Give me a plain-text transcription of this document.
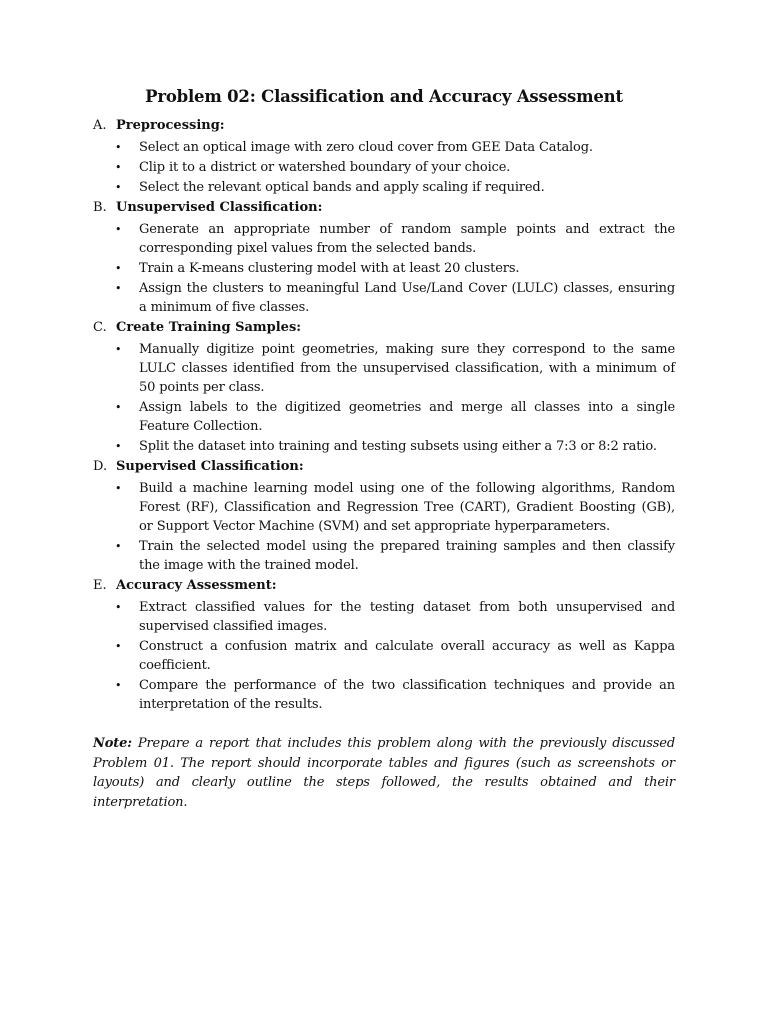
Problem 02: Classification and Accuracy Assessment
A. Preprocessing:
•	Select an optical image with zero cloud cover from GEE Data Catalog.
•	Clip it to a district or watershed boundary of your choice.
•	Select the relevant optical bands and apply scaling if required.
B. Unsupervised Classification:
•	Generate an appropriate number of random sample points and extract the corresponding pixel values from the selected bands.
•	Train a K-means clustering model with at least 20 clusters.
•	Assign the clusters to meaningful Land Use/Land Cover (LULC) classes, ensuring a minimum of five classes.
C. Create Training Samples:
•	Manually digitize point geometries, making sure they correspond to the same LULC classes identified from the unsupervised classification, with a minimum of 50 points per class.
•	Assign labels to the digitized geometries and merge all classes into a single Feature Collection.
•	Split the dataset into training and testing subsets using either a 7:3 or 8:2 ratio.
D. Supervised Classification:
•	Build a machine learning model using one of the following algorithms, Random Forest (RF), Classification and Regression Tree (CART), Gradient Boosting (GB), or Support Vector Machine (SVM) and set appropriate hyperparameters.
•	Train the selected model using the prepared training samples and then classify the image with the trained model.
E. Accuracy Assessment:
•	Extract classified values for the testing dataset from both unsupervised and supervised classified images.
•	Construct a confusion matrix and calculate overall accuracy as well as Kappa coefficient.
•	Compare the performance of the two classification techniques and provide an interpretation of the results.

Note: Prepare a report that includes this problem along with the previously discussed Problem 01. The report should incorporate tables and figures (such as screenshots or layouts) and clearly outline the steps followed, the results obtained and their interpretation.
